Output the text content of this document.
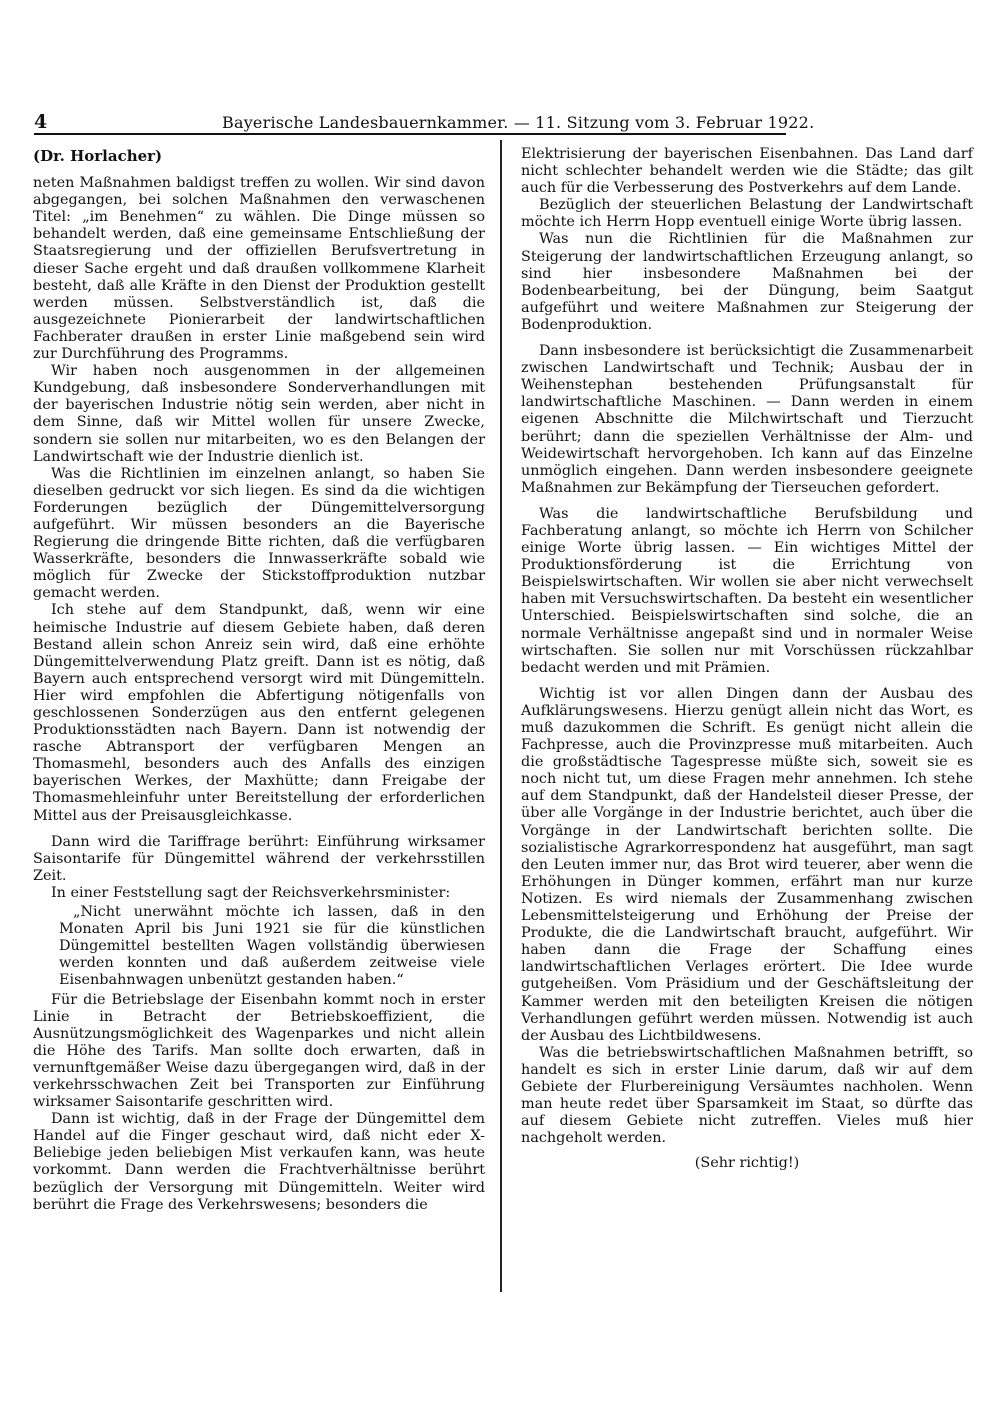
4	Bayerische Landesbauernkammer. — 11. Sitzung vom 3. Februar 1922.
(Dr. Horlacher)

neten Maßnahmen baldigst treffen zu wollen. Wir sind davon abgegangen, bei solchen Maßnahmen den verwaschenen Titel: „im Benehmen“ zu wählen. Die Dinge müssen so behandelt werden, daß eine gemeinsame Entschließung der Staatsregierung und der offiziellen Berufsvertretung in dieser Sache ergeht und daß draußen vollkommene Klarheit besteht, daß alle Kräfte in den Dienst der Produktion gestellt werden müssen. Selbstverständlich ist, daß die ausgezeichnete Pionierarbeit der landwirtschaftlichen Fachberater draußen in erster Linie maßgebend sein wird zur Durchführung des Programms.

Wir haben noch ausgenommen in der allgemeinen Kundgebung, daß insbesondere Sonderverhandlungen mit der bayerischen Industrie nötig sein werden, aber nicht in dem Sinne, daß wir Mittel wollen für unsere Zwecke, sondern sie sollen nur mitarbeiten, wo es den Belangen der Landwirtschaft wie der Industrie dienlich ist.

Was die Richtlinien im einzelnen anlangt, so haben Sie dieselben gedruckt vor sich liegen. Es sind da die wichtigen Forderungen bezüglich der Düngemittelversorgung aufgeführt. Wir müssen besonders an die Bayerische Regierung die dringende Bitte richten, daß die verfügbaren Wasserkräfte, besonders die Innwasserkräfte sobald wie möglich für Zwecke der Stickstoffproduktion nutzbar gemacht werden.

Ich stehe auf dem Standpunkt, daß, wenn wir eine heimische Industrie auf diesem Gebiete haben, daß deren Bestand allein schon Anreiz sein wird, daß eine erhöhte Düngemittelverwendung Platz greift. Dann ist es nötig, daß Bayern auch entsprechend versorgt wird mit Düngemitteln. Hier wird empfohlen die Abfertigung nötigenfalls von geschlossenen Sonderzügen aus den entfernt gelegenen Produktionsstädten nach Bayern. Dann ist notwendig der rasche Abtransport der verfügbaren Mengen an Thomasmehl, besonders auch des Anfalls des einzigen bayerischen Werkes, der Maxhütte; dann Freigabe der Thomasmehleinfuhr unter Bereitstellung der erforderlichen Mittel aus der Preisausgleichkasse.

Dann wird die Tariffrage berührt: Einführung wirksamer Saisontarife für Düngemittel während der verkehrsstillen Zeit.

In einer Feststellung sagt der Reichsverkehrsminister:

„Nicht unerwähnt möchte ich lassen, daß in den Monaten April bis Juni 1921 sie für die künstlichen Düngemittel bestellten Wagen vollständig überwiesen werden konnten und daß außerdem zeitweise viele Eisenbahnwagen unbenützt gestanden haben.“

Für die Betriebslage der Eisenbahn kommt noch in erster Linie in Betracht der Betriebskoeffizient, die Ausnützungsmöglichkeit des Wagenparkes und nicht allein die Höhe des Tarifs. Man sollte doch erwarten, daß in vernunftgemäßer Weise dazu übergegangen wird, daß in der verkehrsschwachen Zeit bei Transporten zur Einführung wirksamer Saisontarife geschritten wird.

Dann ist wichtig, daß in der Frage der Düngemittel dem Handel auf die Finger geschaut wird, daß nicht eder X-Beliebige jeden beliebigen Mist verkaufen kann, was heute vorkommt. Dann werden die Frachtverhältnisse berührt bezüglich der Versorgung mit Düngemitteln. Weiter wird berührt die Frage des Verkehrswesens; besonders die

Elektrisierung der bayerischen Eisenbahnen. Das Land darf nicht schlechter behandelt werden wie die Städte; das gilt auch für die Verbesserung des Postverkehrs auf dem Lande.

Bezüglich der steuerlichen Belastung der Landwirtschaft möchte ich Herrn Hopp eventuell einige Worte übrig lassen.

Was nun die Richtlinien für die Maßnahmen zur Steigerung der landwirtschaftlichen Erzeugung anlangt, so sind hier insbesondere Maßnahmen bei der Bodenbearbeitung, bei der Düngung, beim Saatgut aufgeführt und weitere Maßnahmen zur Steigerung der Bodenproduktion.

Dann insbesondere ist berücksichtigt die Zusammenarbeit zwischen Landwirtschaft und Technik; Ausbau der in Weihenstephan bestehenden Prüfungsanstalt für landwirtschaftliche Maschinen. — Dann werden in einem eigenen Abschnitte die Milchwirtschaft und Tierzucht berührt; dann die speziellen Verhältnisse der Alm- und Weidewirtschaft hervorgehoben. Ich kann auf das Einzelne unmöglich eingehen. Dann werden insbesondere geeignete Maßnahmen zur Bekämpfung der Tierseuchen gefordert.

Was die landwirtschaftliche Berufsbildung und Fachberatung anlangt, so möchte ich Herrn von Schilcher einige Worte übrig lassen. — Ein wichtiges Mittel der Produktionsförderung ist die Errichtung von Beispielswirtschaften. Wir wollen sie aber nicht verwechselt haben mit Versuchswirtschaften. Da besteht ein wesentlicher Unterschied. Beispielswirtschaften sind solche, die an normale Verhältnisse angepaßt sind und in normaler Weise wirtschaften. Sie sollen nur mit Vorschüssen rückzahlbar bedacht werden und mit Prämien.

Wichtig ist vor allen Dingen dann der Ausbau des Aufklärungswesens. Hierzu genügt allein nicht das Wort, es muß dazukommen die Schrift. Es genügt nicht allein die Fachpresse, auch die Provinzpresse muß mitarbeiten. Auch die großstädtische Tagespresse müßte sich, soweit sie es noch nicht tut, um diese Fragen mehr annehmen. Ich stehe auf dem Standpunkt, daß der Handelsteil dieser Presse, der über alle Vorgänge in der Industrie berichtet, auch über die Vorgänge in der Landwirtschaft berichten sollte. Die sozialistische Agrarkorrespondenz hat ausgeführt, man sagt den Leuten immer nur, das Brot wird teuerer, aber wenn die Erhöhungen in Dünger kommen, erfährt man nur kurze Notizen. Es wird niemals der Zusammenhang zwischen Lebensmittelsteigerung und Erhöhung der Preise der Produkte, die die Landwirtschaft braucht, aufgeführt. Wir haben dann die Frage der Schaffung eines landwirtschaftlichen Verlages erörtert. Die Idee wurde gutgeheißen. Vom Präsidium und der Geschäftsleitung der Kammer werden mit den beteiligten Kreisen die nötigen Verhandlungen geführt werden müssen. Notwendig ist auch der Ausbau des Lichtbildwesens.

Was die betriebswirtschaftlichen Maßnahmen betrifft, so handelt es sich in erster Linie darum, daß wir auf dem Gebiete der Flurbereinigung Versäumtes nachholen. Wenn man heute redet über Sparsamkeit im Staat, so dürfte das auf diesem Gebiete nicht zutreffen. Vieles muß hier nachgeholt werden.

(Sehr richtig!)
